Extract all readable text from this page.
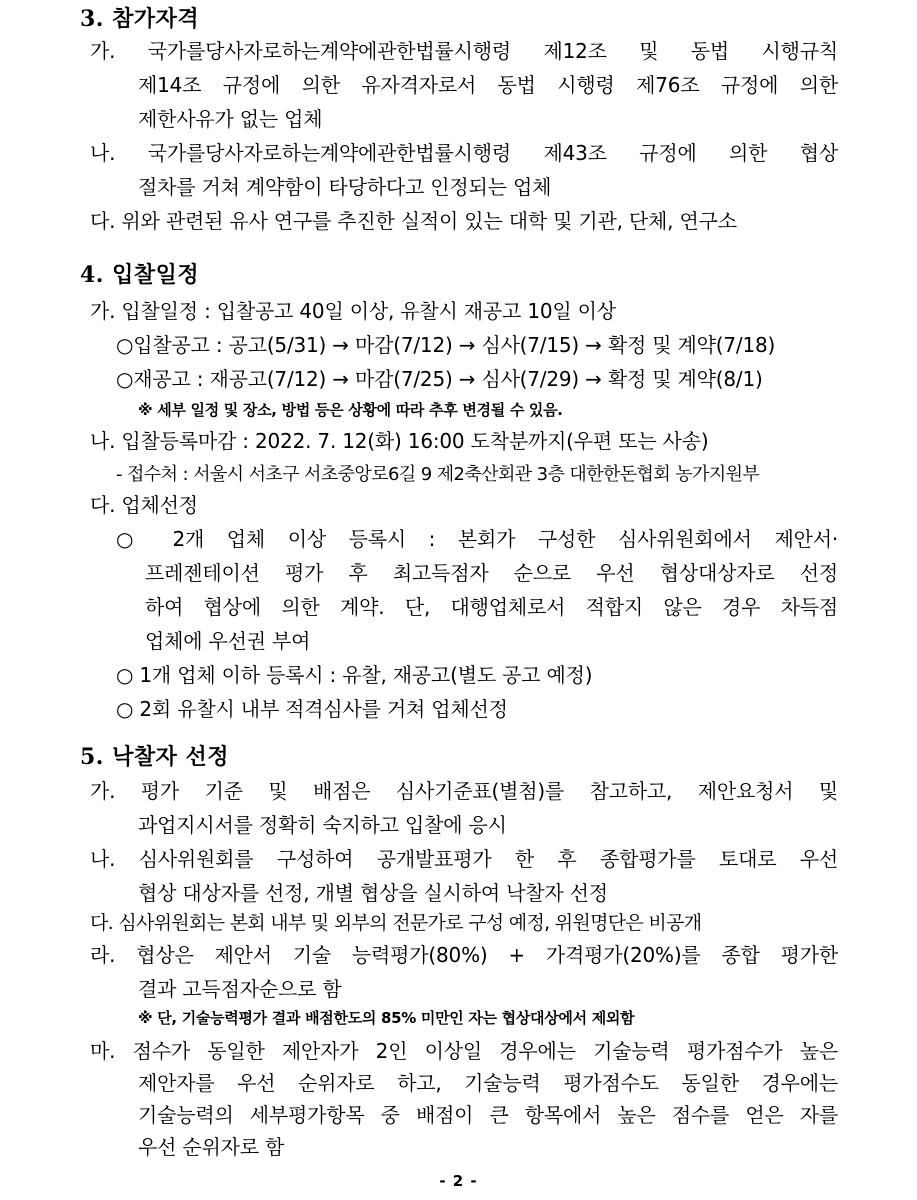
3. 참가자격
가. 국가를당사자로하는계약에관한법률시행령 제12조 및 동법 시행규칙
제14조 규정에 의한 유자격자로서 동법 시행령 제76조 규정에 의한
제한사유가 없는 업체
나. 국가를당사자로하는계약에관한법률시행령 제43조 규정에 의한 협상
절차를 거쳐 계약함이 타당하다고 인정되는 업체
다. 위와 관련된 유사 연구를 추진한 실적이 있는 대학 및 기관, 단체, 연구소
4. 입찰일정
가. 입찰일정 : 입찰공고 40일 이상, 유찰시 재공고 10일 이상
○입찰공고 : 공고(5/31) → 마감(7/12) → 심사(7/15) → 확정 및 계약(7/18)
○재공고 : 재공고(7/12) → 마감(7/25) → 심사(7/29) → 확정 및 계약(8/1)
※ 세부 일정 및 장소, 방법 등은 상황에 따라 추후 변경될 수 있음.
나. 입찰등록마감 : 2022. 7. 12(화) 16:00 도착분까지(우편 또는 사송)
- 접수처 : 서울시 서초구 서초중앙로6길 9 제2축산회관 3층 대한한돈협회 농가지원부
다. 업체선정
○ 2개 업체 이상 등록시 : 본회가 구성한 심사위원회에서 제안서·
프레젠테이션 평가 후 최고득점자 순으로 우선 협상대상자로 선정
하여 협상에 의한 계약. 단, 대행업체로서 적합지 않은 경우 차득점
업체에 우선권 부여
○ 1개 업체 이하 등록시 : 유찰, 재공고(별도 공고 예정)
○ 2회 유찰시 내부 적격심사를 거쳐 업체선정
5. 낙찰자 선정
가. 평가 기준 및 배점은 심사기준표(별첨)를 참고하고, 제안요청서 및
과업지시서를 정확히 숙지하고 입찰에 응시
나. 심사위원회를 구성하여 공개발표평가 한 후 종합평가를 토대로 우선
협상 대상자를 선정, 개별 협상을 실시하여 낙찰자 선정
다. 심사위원회는 본회 내부 및 외부의 전문가로 구성 예정, 위원명단은 비공개
라. 협상은 제안서 기술 능력평가(80%) + 가격평가(20%)를 종합 평가한
결과 고득점자순으로 함
※ 단, 기술능력평가 결과 배점한도의 85% 미만인 자는 협상대상에서 제외함
마. 점수가 동일한 제안자가 2인 이상일 경우에는 기술능력 평가점수가 높은
제안자를 우선 순위자로 하고, 기술능력 평가점수도 동일한 경우에는
기술능력의 세부평가항목 중 배점이 큰 항목에서 높은 점수를 얻은 자를
우선 순위자로 함
- 2 -
